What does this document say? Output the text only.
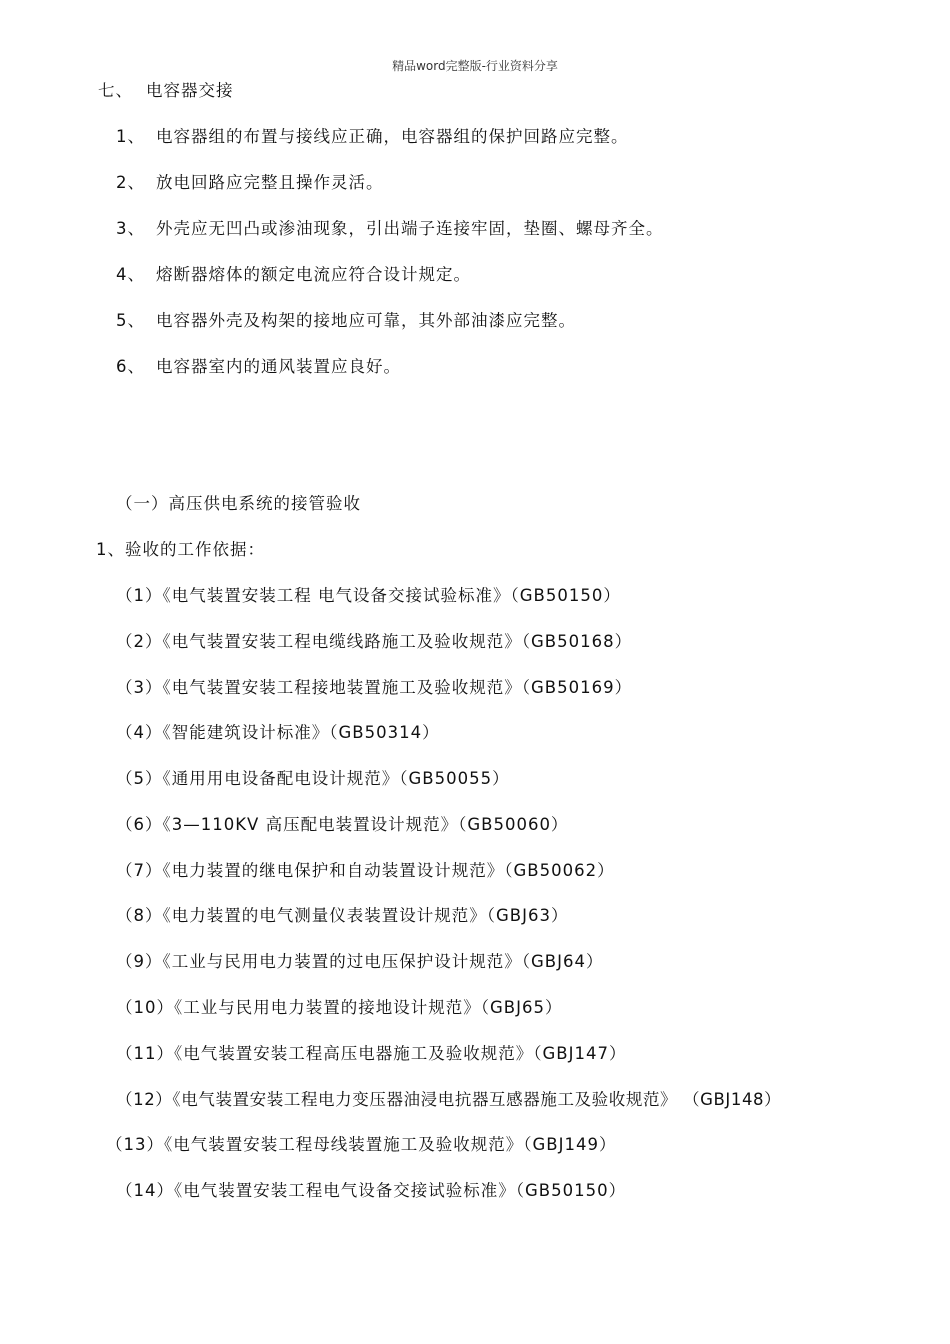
精品word完整版-行业资料分享
七、 电容器交接
1、 电容器组的布置与接线应正确，电容器组的保护回路应完整。
2、 放电回路应完整且操作灵活。
3、 外壳应无凹凸或渗油现象，引出端子连接牢固，垫圈、螺母齐全。
4、 熔断器熔体的额定电流应符合设计规定。
5、 电容器外壳及构架的接地应可靠，其外部油漆应完整。
6、 电容器室内的通风装置应良好。
（一）高压供电系统的接管验收
1、验收的工作依据：
（1）《电气装置安装工程 电气设备交接试验标准》（GB50150）
（2）《电气装置安装工程电缆线路施工及验收规范》（GB50168）
（3）《电气装置安装工程接地装置施工及验收规范》（GB50169）
（4）《智能建筑设计标准》（GB50314）
（5）《通用用电设备配电设计规范》（GB50055）
（6）《3—110KV 高压配电装置设计规范》（GB50060）
（7）《电力装置的继电保护和自动装置设计规范》（GB50062）
（8）《电力装置的电气测量仪表装置设计规范》（GBJ63）
（9）《工业与民用电力装置的过电压保护设计规范》（GBJ64）
（10）《工业与民用电力装置的接地设计规范》（GBJ65）
（11）《电气装置安装工程高压电器施工及验收规范》（GBJ147）
（12）《电气装置安装工程电力变压器油浸电抗器互感器施工及验收规范》 （GBJ148）
（13）《电气装置安装工程母线装置施工及验收规范》（GBJ149）
（14）《电气装置安装工程电气设备交接试验标准》（GB50150）
